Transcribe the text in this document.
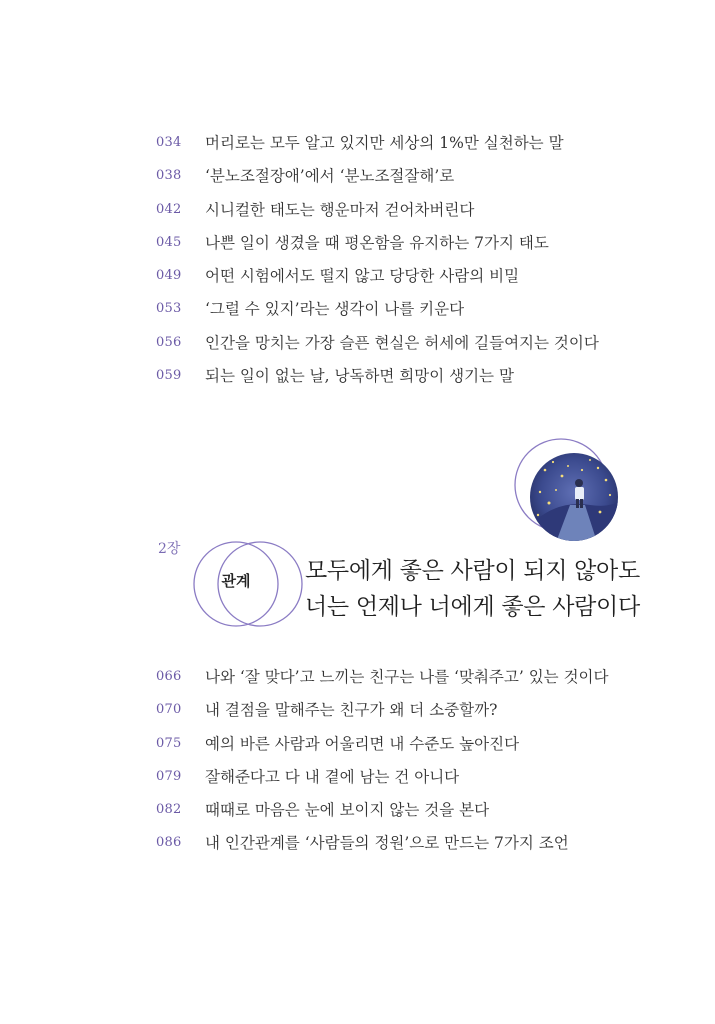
034	머리로는 모두 알고 있지만 세상의 1%만 실천하는 말
038	‘분노조절장애’에서 ‘분노조절잘해’로
042	시니컬한 태도는 행운마저 걷어차버린다
045	나쁜 일이 생겼을 때 평온함을 유지하는 7가지 태도
049	어떤 시험에서도 떨지 않고 당당한 사람의 비밀
053	‘그럴 수 있지’라는 생각이 나를 키운다
056	인간을 망치는 가장 슬픈 현실은 허세에 길들여지는 것이다
059	되는 일이 없는 날, 낭독하면 희망이 생기는 말
2장
관계	모두에게 좋은 사람이 되지 않아도
너는 언제나 너에게 좋은 사람이다
066	나와 ‘잘 맞다’고 느끼는 친구는 나를 ‘맞춰주고’ 있는 것이다
070	내 결점을 말해주는 친구가 왜 더 소중할까?
075	예의 바른 사람과 어울리면 내 수준도 높아진다
079	잘해준다고 다 내 곁에 남는 건 아니다
082	때때로 마음은 눈에 보이지 않는 것을 본다
086	내 인간관계를 ‘사람들의 정원’으로 만드는 7가지 조언
